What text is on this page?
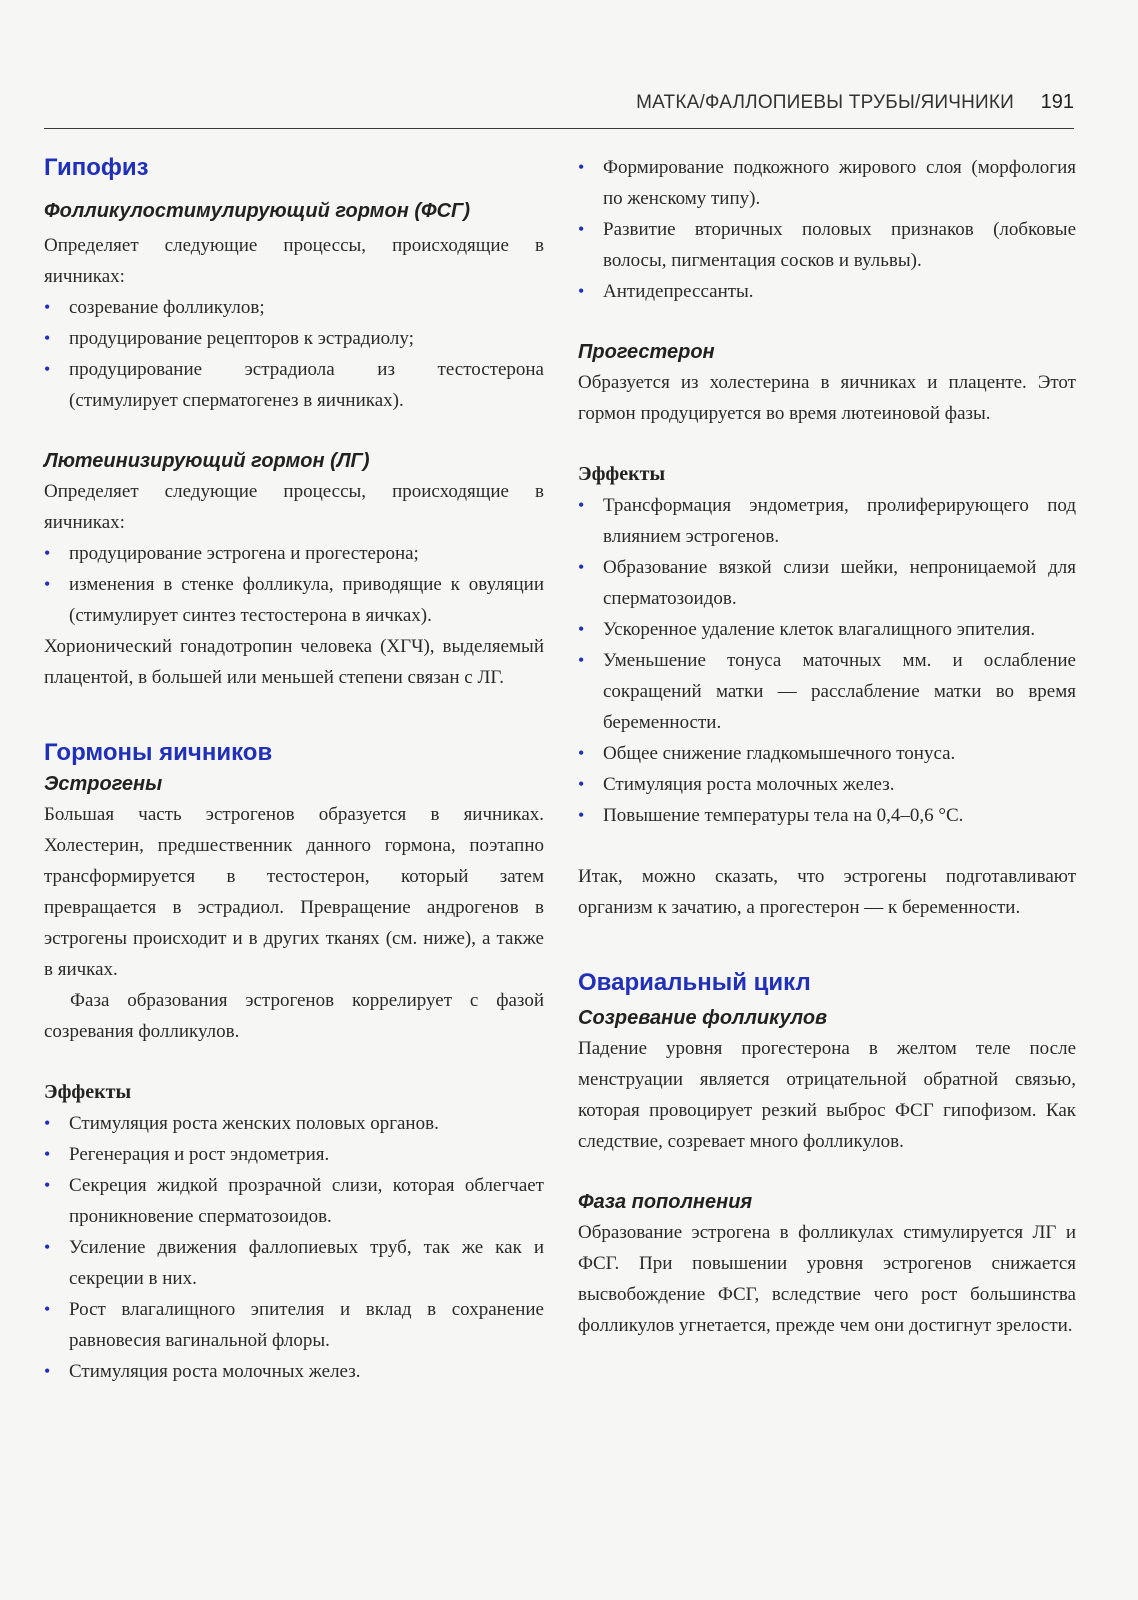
МАТКА/ФАЛЛОПИЕВЫ ТРУБЫ/ЯИЧНИКИ 191
Гипофиз
Фолликулостимулирующий гормон (ФСГ)

Определяет следующие процессы, происходящие в яичниках:

• созревание фолликулов;
• продуцирование рецепторов к эстрадиолу;
• продуцирование эстрадиола из тестостерона (стимулирует сперматогенез в яичниках).
Лютеинизирующий гормон (ЛГ)

Определяет следующие процессы, происходящие в яичниках:

• продуцирование эстрогена и прогестерона;
• изменения в стенке фолликула, приводящие к овуляции (стимулирует синтез тестостерона в яичках).

Хорионический гонадотропин человека (ХГЧ), выделяемый плацентой, в большей или меньшей степени связан с ЛГ.

Гормоны яичников
Эстрогены

Большая часть эстрогенов образуется в яичниках. Холестерин, предшественник данного гормона, поэтапно трансформируется в тестостерон, который затем превращается в эстрадиол. Превращение андрогенов в эстрогены происходит и в других тканях (см. ниже), а также в яичках.

Фаза образования эстрогенов коррелирует с фазой созревания фолликулов.

Эффекты
• Стимуляция роста женских половых органов.
• Регенерация и рост эндометрия.
• Секреция жидкой прозрачной слизи, которая облегчает проникновение сперматозоидов.
• Усиление движения фаллопиевых труб, так же как и секреции в них.
• Рост влагалищного эпителия и вклад в сохранение равновесия вагинальной флоры.
• Стимуляция роста молочных желез.
• Формирование подкожного жирового слоя (морфология по женскому типу).
• Развитие вторичных половых признаков (лобковые волосы, пигментация сосков и вульвы).
• Антидепрессанты.
Прогестерон

Образуется из холестерина в яичниках и плаценте. Этот гормон продуцируется во время лютеиновой фазы.

Эффекты
• Трансформация эндометрия, пролиферирующего под влиянием эстрогенов.
• Образование вязкой слизи шейки, непроницаемой для сперматозоидов.
• Ускоренное удаление клеток влагалищного эпителия.
• Уменьшение тонуса маточных мм. и ослабление сокращений матки — расслабление матки во время беременности.
• Общее снижение гладкомышечного тонуса.
• Стимуляция роста молочных желез.
• Повышение температуры тела на 0,4–0,6 °С.

Итак, можно сказать, что эстрогены подготавливают организм к зачатию, а прогестерон — к беременности.

Овариальный цикл
Созревание фолликулов

Падение уровня прогестерона в желтом теле после менструации является отрицательной обратной связью, которая провоцирует резкий выброс ФСГ гипофизом. Как следствие, созревает много фолликулов.

Фаза пополнения

Образование эстрогена в фолликулах стимулируется ЛГ и ФСГ. При повышении уровня эстрогенов снижается высвобождение ФСГ, вследствие чего рост большинства фолликулов угнетается, прежде чем они достигнут зрелости.
